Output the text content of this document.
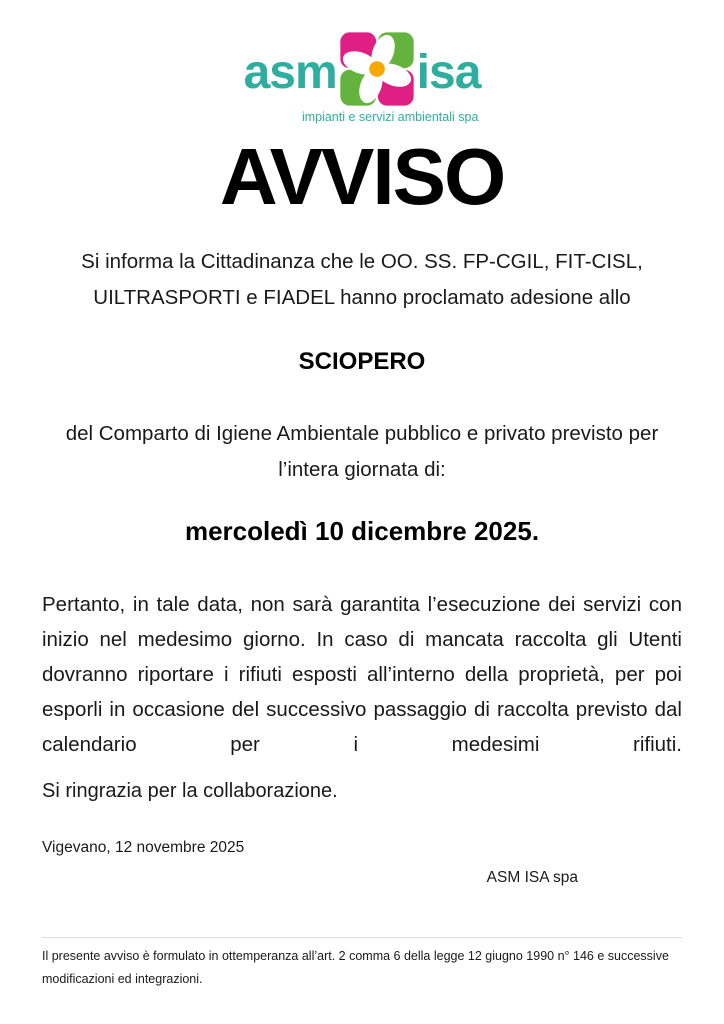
asm isa
impianti e servizi ambientali spa
AVVISO

Si informa la Cittadinanza che le OO. SS. FP-CGIL, FIT-CISL, UILTRASPORTI e FIADEL hanno proclamato adesione allo

SCIOPERO

del Comparto di Igiene Ambientale pubblico e privato previsto per l’intera giornata di:

mercoledì 10 dicembre 2025.

Pertanto, in tale data, non sarà garantita l’esecuzione dei servizi con inizio nel medesimo giorno. In caso di mancata raccolta gli Utenti dovranno riportare i rifiuti esposti all’interno della proprietà, per poi esporli in occasione del successivo passaggio di raccolta previsto dal calendario per i medesimi rifiuti.

Si ringrazia per la collaborazione.

Vigevano, 12 novembre 2025

ASM ISA spa

Il presente avviso è formulato in ottemperanza all’art. 2 comma 6 della legge 12 giugno 1990 n° 146 e successive modificazioni ed integrazioni.
